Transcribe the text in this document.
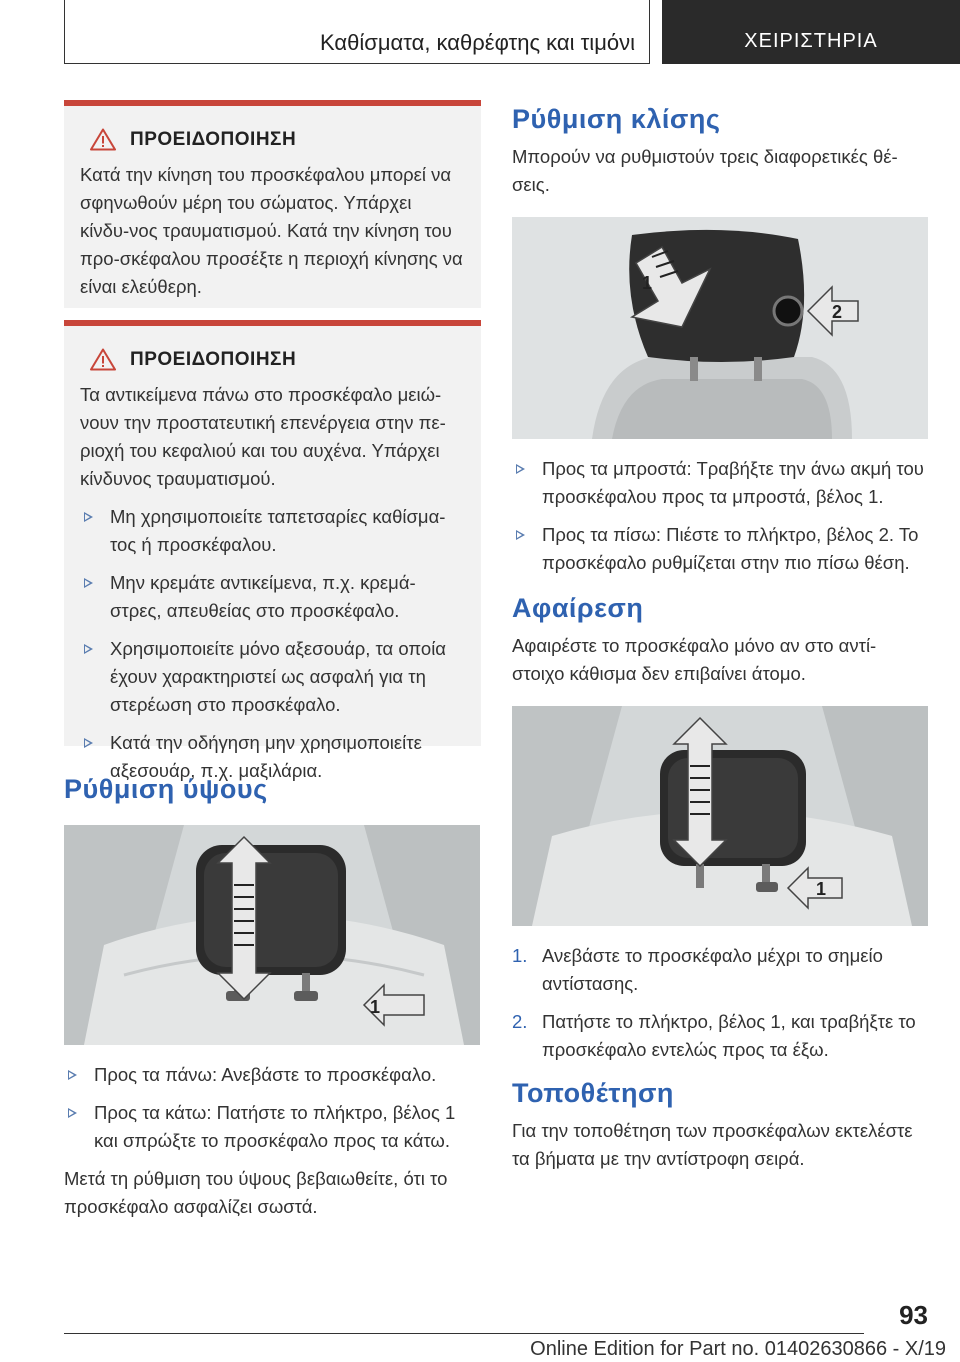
Καθίσματα, καθρέφτης και τιμόνι	ΧΕΙΡΙΣΤΗΡΙΑ
ΠΡΟΕΙΔΟΠΟΙΗΣΗ

Κατά την κίνηση του προσκέφαλου μπορεί να σφηνωθούν μέρη του σώματος. Υπάρχει κίνδυ-νος τραυματισμού. Κατά την κίνηση του προ-σκέφαλου προσέξτε η περιοχή κίνησης να είναι ελεύθερη.

ΠΡΟΕΙΔΟΠΟΙΗΣΗ

Τα αντικείμενα πάνω στο προσκέφαλο μειώ-νουν την προστατευτική επενέργεια στην πε-ριοχή του κεφαλιού και του αυχένα. Υπάρχει κίνδυνος τραυματισμού.

Μη χρησιμοποιείτε ταπετσαρίες καθίσμα-τος ή προσκέφαλου.
Μην κρεμάτε αντικείμενα, π.χ. κρεμά-στρες, απευθείας στο προσκέφαλο.
Χρησιμοποιείτε μόνο αξεσουάρ, τα οποία έχουν χαρακτηριστεί ως ασφαλή για τη στερέωση στο προσκέφαλο.
Κατά την οδήγηση μην χρησιμοποιείτε αξεσουάρ, π.χ. μαξιλάρια.
Ρύθμιση ύψους
1
Προς τα πάνω: Ανεβάστε το προσκέφαλο.
Προς τα κάτω: Πατήστε το πλήκτρο, βέλος 1 και σπρώξτε το προσκέφαλο προς τα κάτω.

Μετά τη ρύθμιση του ύψους βεβαιωθείτε, ότι το προσκέφαλο ασφαλίζει σωστά.

Ρύθμιση κλίσης

Μπορούν να ρυθμιστούν τρεις διαφορετικές θέ-σεις.

1
2
Προς τα μπροστά: Τραβήξτε την άνω ακμή του προσκέφαλου προς τα μπροστά, βέλος 1.
Προς τα πίσω: Πιέστε το πλήκτρο, βέλος 2. Το προσκέφαλο ρυθμίζεται στην πιο πίσω θέση.
Αφαίρεση

Αφαιρέστε το προσκέφαλο μόνο αν στο αντί-στοιχο κάθισμα δεν επιβαίνει άτομο.

1
1. Ανεβάστε το προσκέφαλο μέχρι το σημείο αντίστασης.
2. Πατήστε το πλήκτρο, βέλος 1, και τραβήξτε το προσκέφαλο εντελώς προς τα έξω.
Τοποθέτηση

Για την τοποθέτηση των προσκέφαλων εκτελέστε τα βήματα με την αντίστροφη σειρά.

93
Online Edition for Part no. 01402630866 - X/19
